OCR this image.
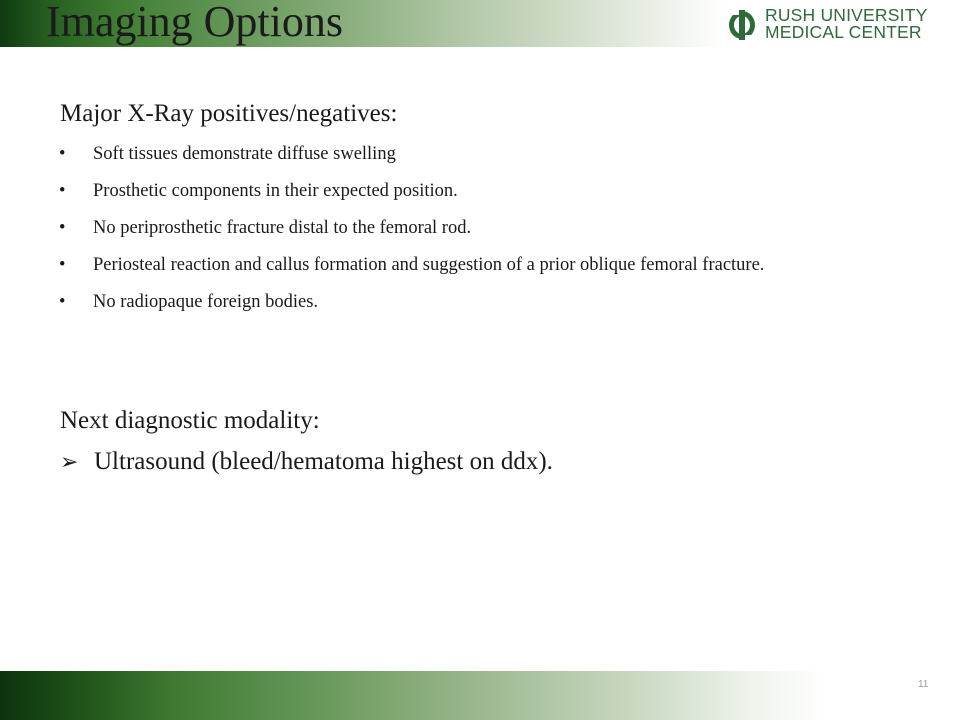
Imaging Options	RUSH UNIVERSITY
MEDICAL CENTER
Major X-Ray positives/negatives:
• Soft tissues demonstrate diffuse swelling
• Prosthetic components in their expected position.
• No periprosthetic fracture distal to the femoral rod.
• Periosteal reaction and callus formation and suggestion of a prior oblique femoral fracture.
• No radiopaque foreign bodies.
Next diagnostic modality:
➢ Ultrasound (bleed/hematoma highest on ddx).
11
